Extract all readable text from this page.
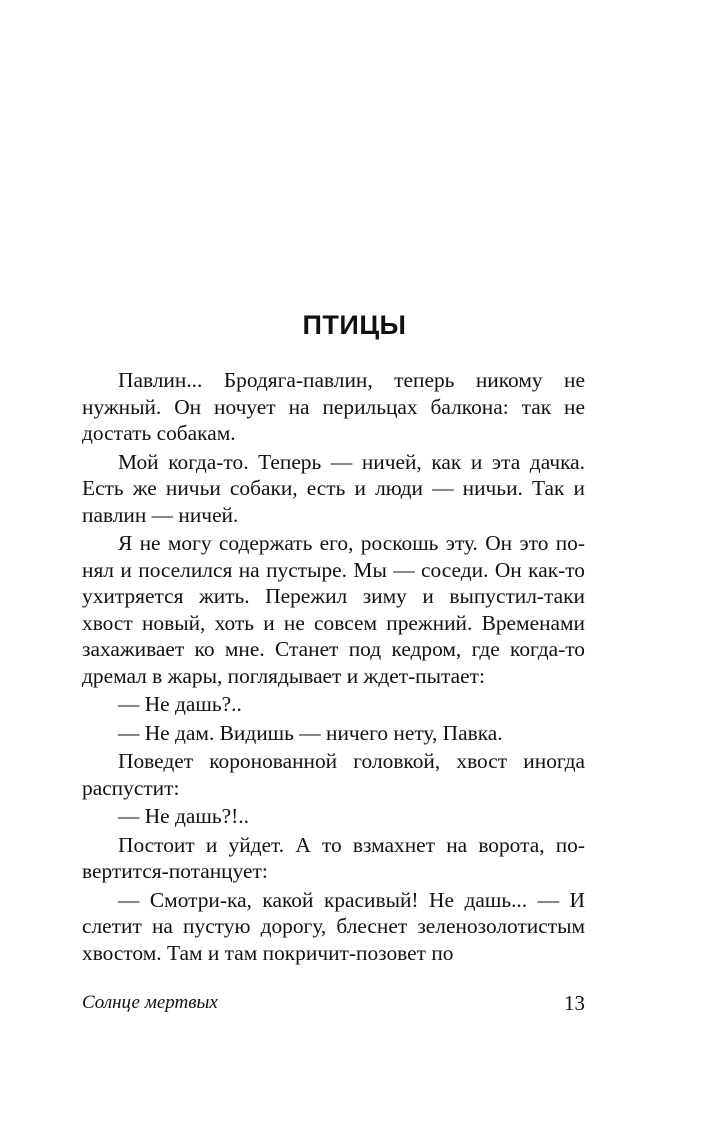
ПТИЦЫ

Павлин... Бродяга-павлин, теперь никому не нужный. Он ночует на перильцах балкона: так не достать собакам.

Мой когда-то. Теперь — ничей, как и эта дачка. Есть же ничьи собаки, есть и люди — ничьи. Так и павлин — ничей.

Я не могу содержать его, роскошь эту. Он это понял и поселился на пустыре. Мы — соседи. Он как-то ухитряется жить. Пережил зиму и выпустил-таки хвост новый, хоть и не совсем прежний. Временами захаживает ко мне. Станет под кедром, где когда-то дремал в жары, поглядывает и ждет-пытает:

— Не дашь?..

— Не дам. Видишь — ничего нету, Павка.

Поведет коронованной головкой, хвост иногда распустит:

— Не дашь?!..

Постоит и уйдет. А то взмахнет на ворота, повертится-потанцует:

— Смотри-ка, какой красивый! Не дашь... — И слетит на пустую дорогу, блеснет зеленозолотистым хвостом. Там и там покричит-позовет по

Солнце мертвых	13
